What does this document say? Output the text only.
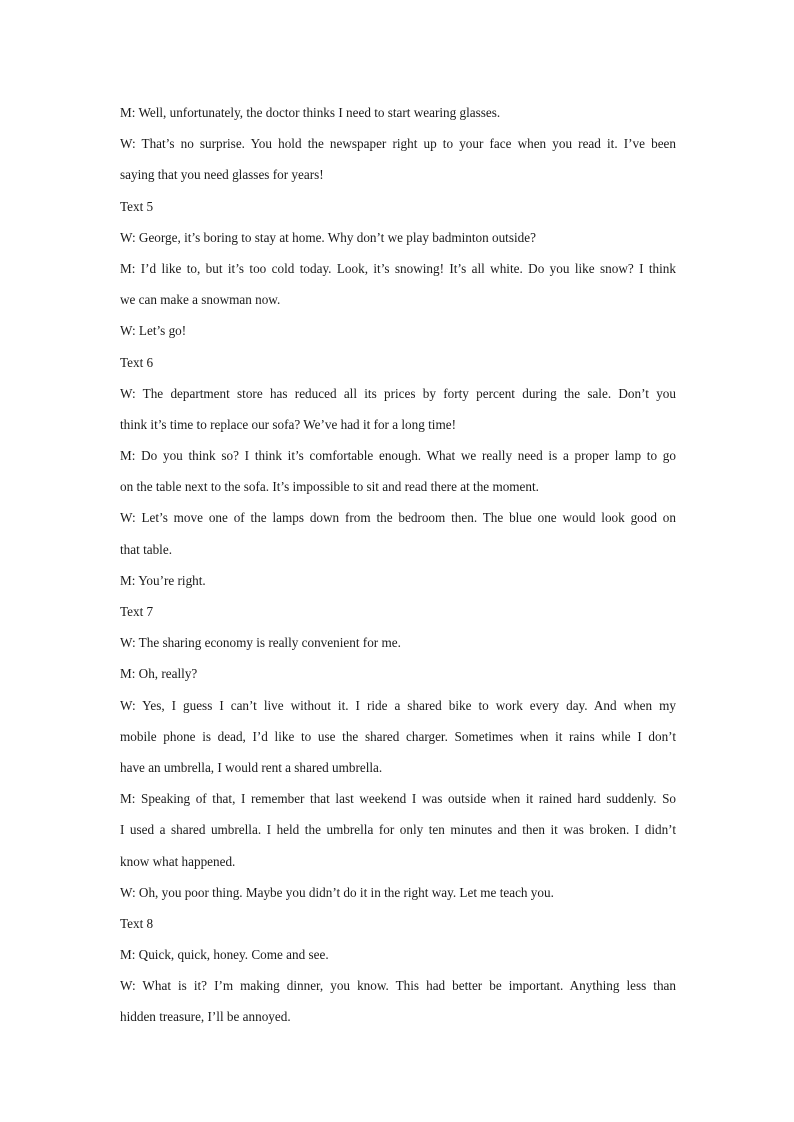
M: Well, unfortunately, the doctor thinks I need to start wearing glasses.

W: That’s no surprise. You hold the newspaper right up to your face when you read it. I’ve been

saying that you need glasses for years!

Text 5

W: George, it’s boring to stay at home. Why don’t we play badminton outside?

M: I’d like to, but it’s too cold today. Look, it’s snowing! It’s all white. Do you like snow? I think

we can make a snowman now.

W: Let’s go!

Text 6

W: The department store has reduced all its prices by forty percent during the sale. Don’t you

think it’s time to replace our sofa? We’ve had it for a long time!

M: Do you think so? I think it’s comfortable enough. What we really need is a proper lamp to go

on the table next to the sofa. It’s impossible to sit and read there at the moment.

W: Let’s move one of the lamps down from the bedroom then. The blue one would look good on

that table.

M: You’re right.

Text 7

W: The sharing economy is really convenient for me.

M: Oh, really?

W: Yes, I guess I can’t live without it. I ride a shared bike to work every day. And when my

mobile phone is dead, I’d like to use the shared charger. Sometimes when it rains while I don’t

have an umbrella, I would rent a shared umbrella.

M: Speaking of that, I remember that last weekend I was outside when it rained hard suddenly. So

I used a shared umbrella. I held the umbrella for only ten minutes and then it was broken. I didn’t

know what happened.

W: Oh, you poor thing. Maybe you didn’t do it in the right way. Let me teach you.

Text 8

M: Quick, quick, honey. Come and see.

W: What is it? I’m making dinner, you know. This had better be important. Anything less than

hidden treasure, I’ll be annoyed.
